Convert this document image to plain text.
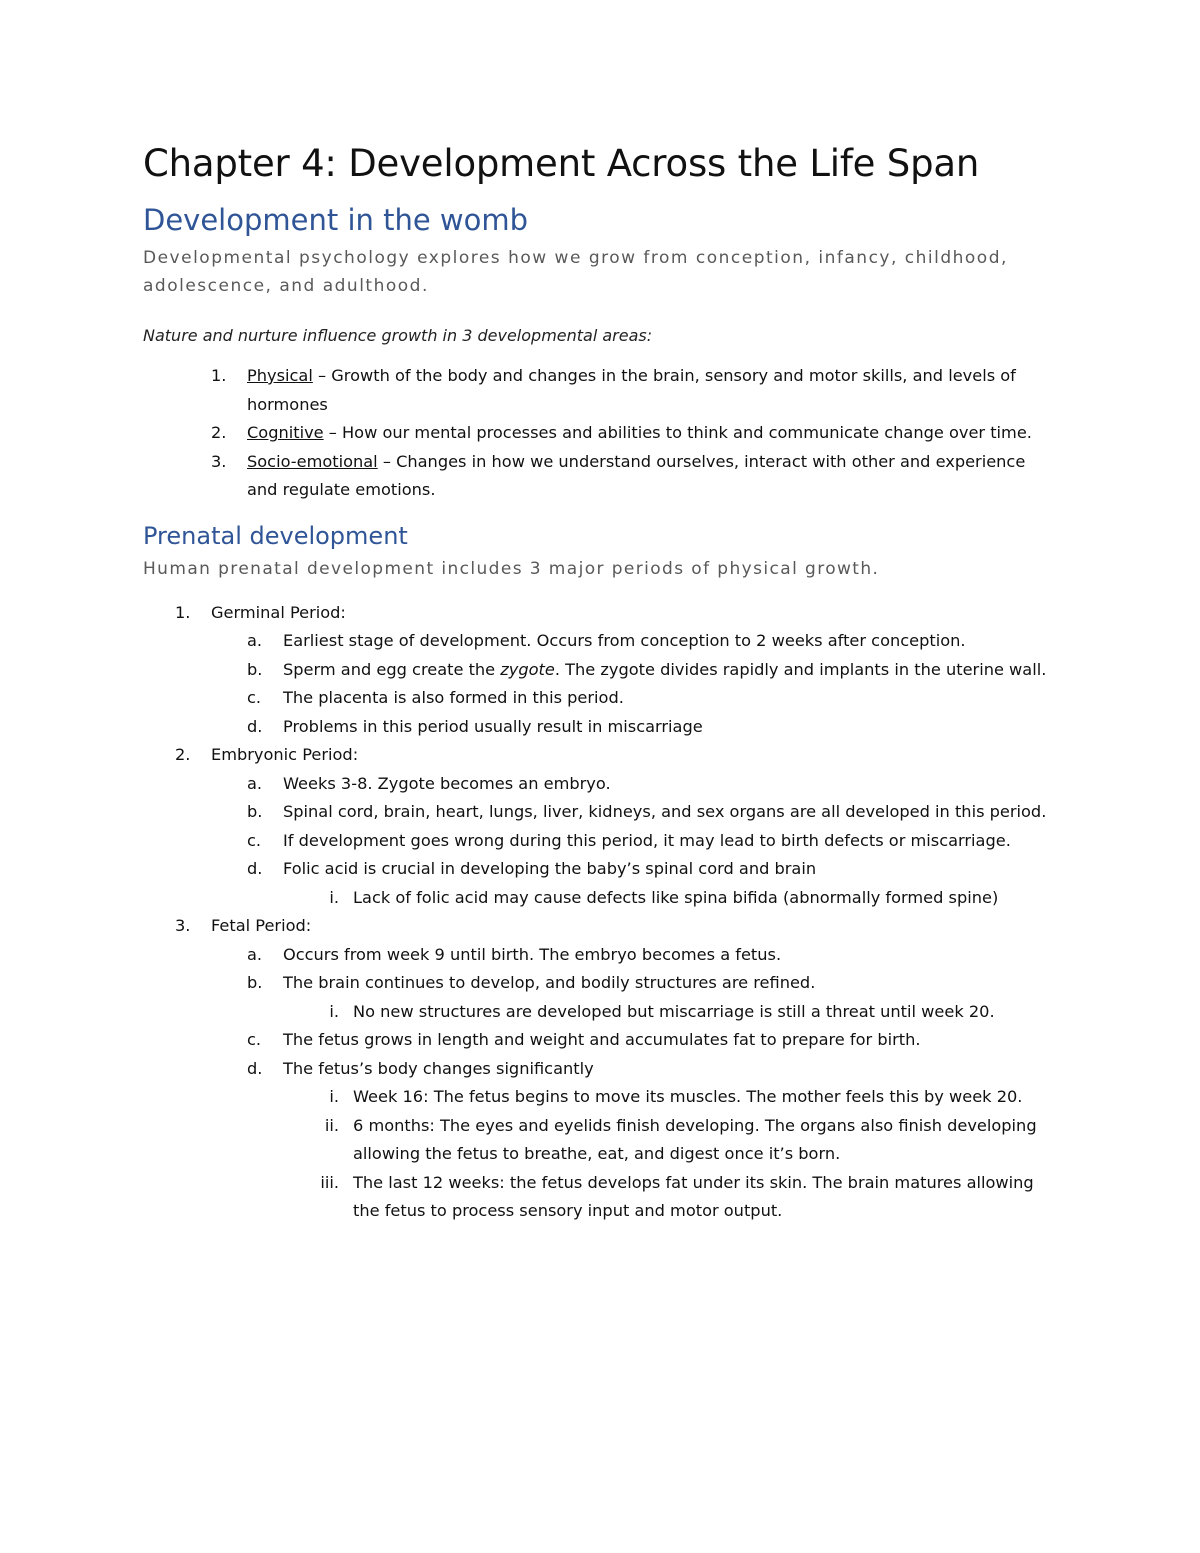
Chapter 4: Development Across the Life Span
Development in the womb
Developmental psychology explores how we grow from conception, infancy, childhood, adolescence, and adulthood.
Nature and nurture influence growth in 3 developmental areas:
1. Physical – Growth of the body and changes in the brain, sensory and motor skills, and levels of hormones
2. Cognitive – How our mental processes and abilities to think and communicate change over time.
3. Socio-emotional – Changes in how we understand ourselves, interact with other and experience and regulate emotions.
Prenatal development
Human prenatal development includes 3 major periods of physical growth.
1. Germinal Period:
a. Earliest stage of development. Occurs from conception to 2 weeks after conception.
b. Sperm and egg create the zygote. The zygote divides rapidly and implants in the uterine wall.
c. The placenta is also formed in this period.
d. Problems in this period usually result in miscarriage
2. Embryonic Period:
a. Weeks 3-8. Zygote becomes an embryo.
b. Spinal cord, brain, heart, lungs, liver, kidneys, and sex organs are all developed in this period.
c. If development goes wrong during this period, it may lead to birth defects or miscarriage.
d. Folic acid is crucial in developing the baby’s spinal cord and brain
i. Lack of folic acid may cause defects like spina bifida (abnormally formed spine)
3. Fetal Period:
a. Occurs from week 9 until birth. The embryo becomes a fetus.
b. The brain continues to develop, and bodily structures are refined.
i. No new structures are developed but miscarriage is still a threat until week 20.
c. The fetus grows in length and weight and accumulates fat to prepare for birth.
d. The fetus’s body changes significantly
i. Week 16: The fetus begins to move its muscles. The mother feels this by week 20.
ii. 6 months: The eyes and eyelids finish developing. The organs also finish developing allowing the fetus to breathe, eat, and digest once it’s born.
iii. The last 12 weeks: the fetus develops fat under its skin. The brain matures allowing the fetus to process sensory input and motor output.
